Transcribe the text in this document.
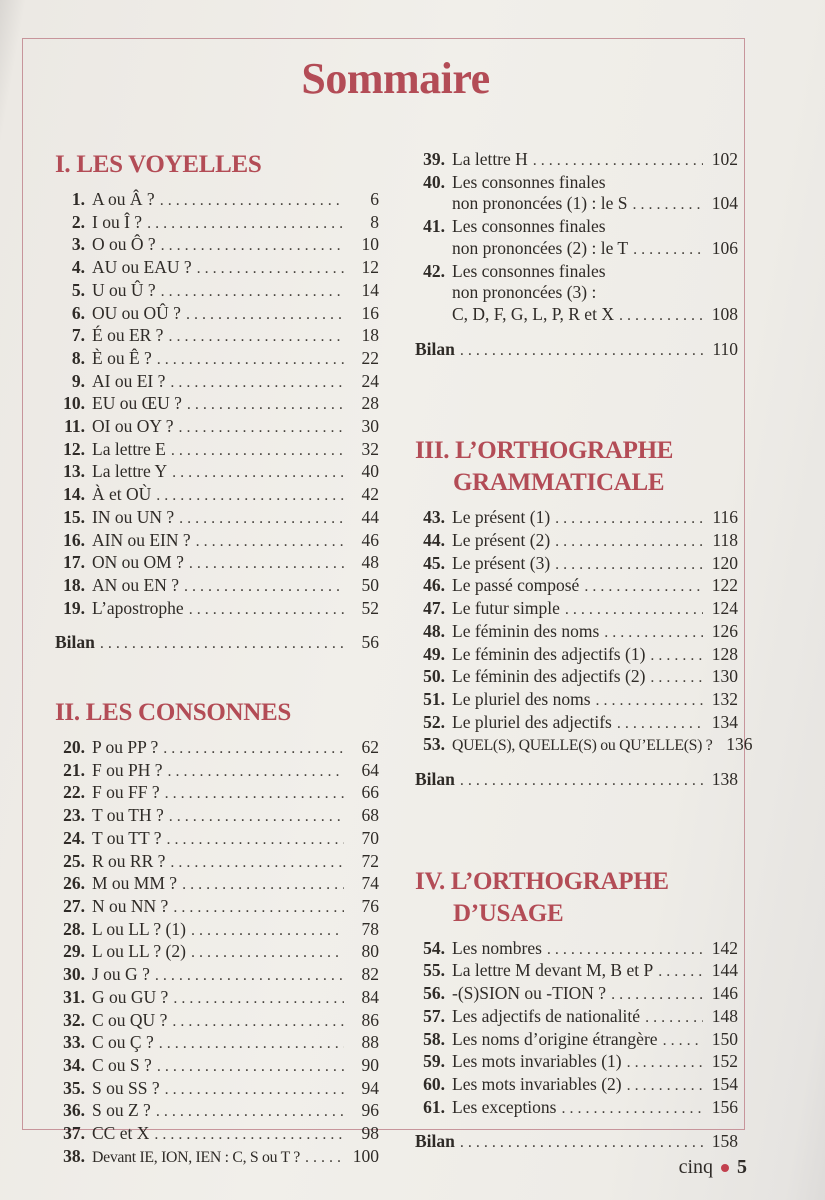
Sommaire
I. LES VOYELLES
1. A ou Â ? .....	6
2. I ou Î ? .....	8
3. O ou Ô ? .....	10
4. AU ou EAU ? .....	12
5. U ou Û ? .....	14
6. OU ou OÛ ? .....	16
7. É ou ER ? .....	18
8. È ou Ê ? .....	22
9. AI ou EI ? .....	24
10. EU ou ŒU ? .....	28
11. OI ou OY ? .....	30
12. La lettre E .....	32
13. La lettre Y .....	40
14. À et OÙ .....	42
15. IN ou UN ? .....	44
16. AIN ou EIN ? .....	46
17. ON ou OM ? .....	48
18. AN ou EN ? .....	50
19. L’apostrophe .....	52
Bilan .....	56
II. LES CONSONNES
20. P ou PP ? .....	62
21. F ou PH ? .....	64
22. F ou FF ? .....	66
23. T ou TH ? .....	68
24. T ou TT ? .....	70
25. R ou RR ? .....	72
26. M ou MM ? .....	74
27. N ou NN ? .....	76
28. L ou LL ? (1) .....	78
29. L ou LL ? (2) .....	80
30. J ou G ? .....	82
31. G ou GU ? .....	84
32. C ou QU ? .....	86
33. C ou Ç ? .....	88
34. C ou S ? .....	90
35. S ou SS ? .....	94
36. S ou Z ? .....	96
37. CC et X .....	98
38. Devant IE, ION, IEN : C, S ou T ? .....	100
39. La lettre H .....	102
40. Les consonnes finales
non prononcées (1) : le S .....	104
41. Les consonnes finales
non prononcées (2) : le T .....	106
42. Les consonnes finales
non prononcées (3) :
C, D, F, G, L, P, R et X .....	108
Bilan .....	110
III. L’ORTHOGRAPHE
GRAMMATICALE
43. Le présent (1) .....	116
44. Le présent (2) .....	118
45. Le présent (3) .....	120
46. Le passé composé .....	122
47. Le futur simple .....	124
48. Le féminin des noms .....	126
49. Le féminin des adjectifs (1) .....	128
50. Le féminin des adjectifs (2) .....	130
51. Le pluriel des noms .....	132
52. Le pluriel des adjectifs .....	134
53. QUEL(S), QUELLE(S) ou QU’ELLE(S) ? 136
Bilan .....	138
IV. L’ORTHOGRAPHE
D’USAGE
54. Les nombres .....	142
55. La lettre M devant M, B et P .....	144
56. -(S)SION ou -TION ? .....	146
57. Les adjectifs de nationalité .....	148
58. Les noms d’origine étrangère .....	150
59. Les mots invariables (1) .....	152
60. Les mots invariables (2) .....	154
61. Les exceptions .....	156
Bilan .....	158
cinq 5
